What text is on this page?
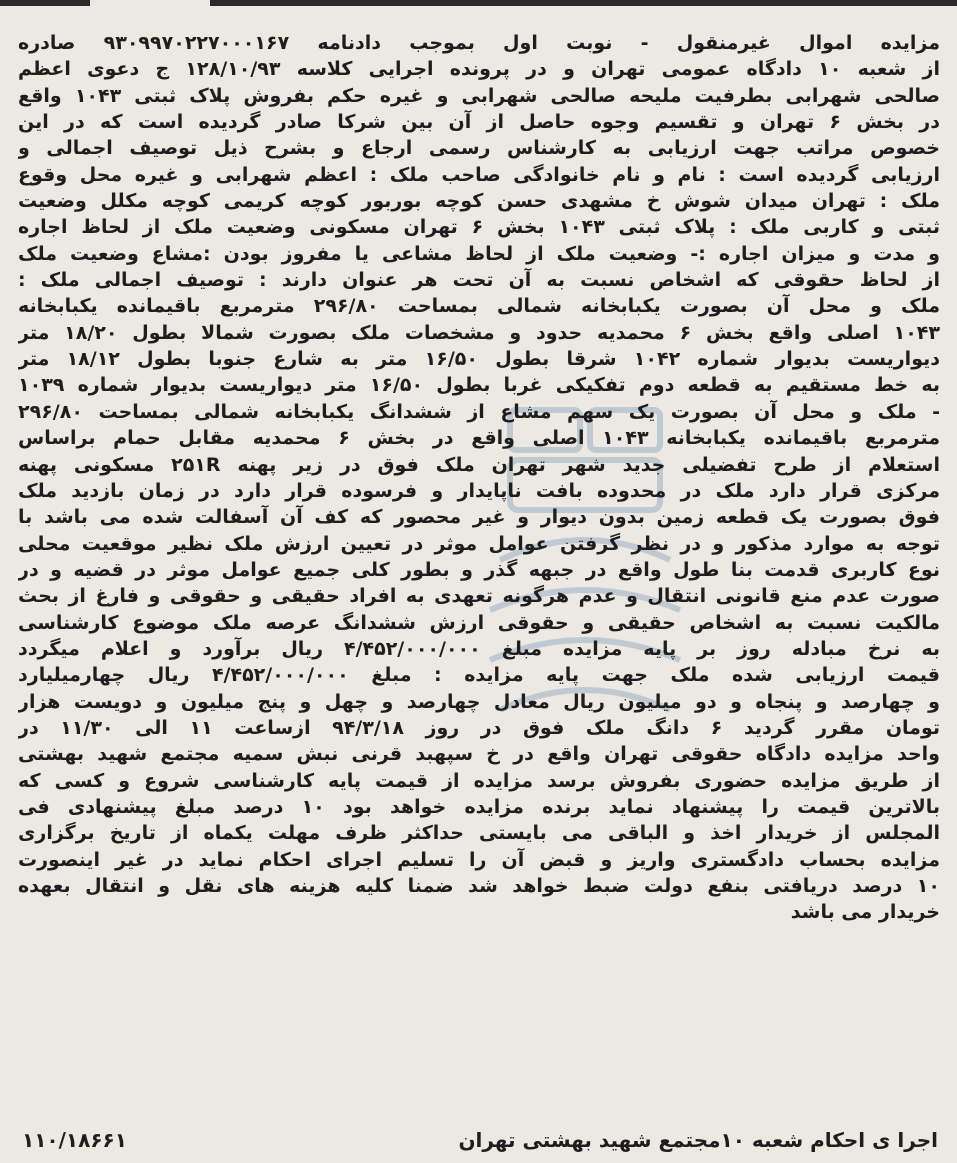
مزایده اموال غیرمنقول - نوبت اول بموجب دادنامه ۹۳۰۹۹۷۰۲۲۷۰۰۰۱۶۷ صادره
از شعبه ۱۰ دادگاه عمومی تهران و در پرونده اجرایی کلاسه ۱۲۸/۱۰/۹۳ ج دعوی اعظم
صالحی شهرابی بطرفیت ملیحه صالحی شهرابی و غیره حکم بفروش پلاک ثبتی ۱۰۴۳ واقع
در بخش ۶ تهران و تقسیم وجوه حاصل از آن بین شرکا صادر گردیده است که در این
خصوص مراتب جهت ارزیابی به کارشناس رسمی ارجاع و بشرح ذیل توصیف اجمالی و
ارزیابی گردیده است : نام و نام خانوادگی صاحب ملک : اعظم شهرابی و غیره محل وقوع
ملک : تهران میدان شوش خ مشهدی حسن کوچه بوربور کوچه کریمی کوچه مکلل وضعیت
ثبتی و کاربی ملک : پلاک ثبتی ۱۰۴۳ بخش ۶ تهران مسکونی وضعیت ملک از لحاظ اجاره
و مدت و میزان اجاره :- وضعیت ملک از لحاظ مشاعی یا مفروز بودن :مشاع وضعیت ملک
از لحاظ حقوقی که اشخاص نسبت به آن تحت هر عنوان دارند : توصیف اجمالی ملک :
ملک و محل آن بصورت یکبابخانه شمالی بمساحت ۲۹۶/۸۰ مترمربع باقیمانده یکبابخانه
۱۰۴۳ اصلی واقع بخش ۶ محمدیه حدود و مشخصات ملک بصورت شمالا بطول ۱۸/۲۰ متر
دیواریست بدیوار شماره ۱۰۴۲ شرقا بطول ۱۶/۵۰ متر به شارع جنوبا بطول ۱۸/۱۲ متر
به خط مستقیم به قطعه دوم تفکیکی غربا بطول ۱۶/۵۰ متر دیواریست بدیوار شماره ۱۰۳۹
- ملک و محل آن بصورت یک سهم مشاع از ششدانگ یکبابخانه شمالی بمساحت ۲۹۶/۸۰
مترمربع باقیمانده یکبابخانه ۱۰۴۳ اصلی واقع در بخش ۶ محمدیه مقابل حمام براساس
استعلام از طرح تفضیلی جدید شهر تهران ملک فوق در زیر پهنه ۲۵۱R مسکونی پهنه
مرکزی قرار دارد ملک در محدوده بافت ناپایدار و فرسوده قرار دارد در زمان بازدید ملک
فوق بصورت یک قطعه زمین بدون دیوار و غیر محصور که کف آن آسفالت شده می باشد با
توجه به موارد مذکور و در نظر گرفتن عوامل موثر در تعیین ارزش ملک نظیر موقعیت محلی
نوع کاربری قدمت بنا طول واقع در جبهه گذر و بطور کلی جمیع عوامل موثر در قضیه و در
صورت عدم منع قانونی انتقال و عدم هرگونه تعهدی به افراد حقیقی و حقوقی و فارغ از بحث
مالکیت نسبت به اشخاص حقیقی و حقوقی ارزش ششدانگ عرصه ملک موضوع کارشناسی
به نرخ مبادله روز بر پایه مزایده مبلغ ۴/۴۵۲/۰۰۰/۰۰۰ ریال برآورد و اعلام میگردد
قیمت ارزیابی شده ملک جهت پایه مزایده : مبلغ ۴/۴۵۲/۰۰۰/۰۰۰ ریال چهارمیلیارد
و چهارصد و پنجاه و دو میلیون ریال معادل چهارصد و چهل و پنج میلیون و دویست هزار
تومان مقرر گردید ۶ دانگ ملک فوق در روز ۹۴/۳/۱۸ ازساعت ۱۱ الی ۱۱/۳۰ در
واحد مزایده دادگاه حقوقی تهران واقع در خ سپهبد قرنی نبش سمیه مجتمع شهید بهشتی
از طریق مزایده حضوری بفروش برسد مزایده از قیمت پایه کارشناسی شروع و کسی که
بالاترین قیمت را پیشنهاد نماید برنده مزایده خواهد بود ۱۰ درصد مبلغ پیشنهادی فی
المجلس از خریدار اخذ و الباقی می بایستی حداکثر ظرف مهلت یکماه از تاریخ برگزاری
مزایده بحساب دادگستری واریز و قبض آن را تسلیم اجرای احکام نماید در غیر اینصورت
۱۰ درصد دریافتی بنفع دولت ضبط خواهد شد ضمنا کلیه هزینه های نقل و انتقال بعهده
خریدار می باشد
اجرا ی احکام شعبه ۱۰مجتمع شهید بهشتی تهران
۱۱۰/۱۸۶۶۱
